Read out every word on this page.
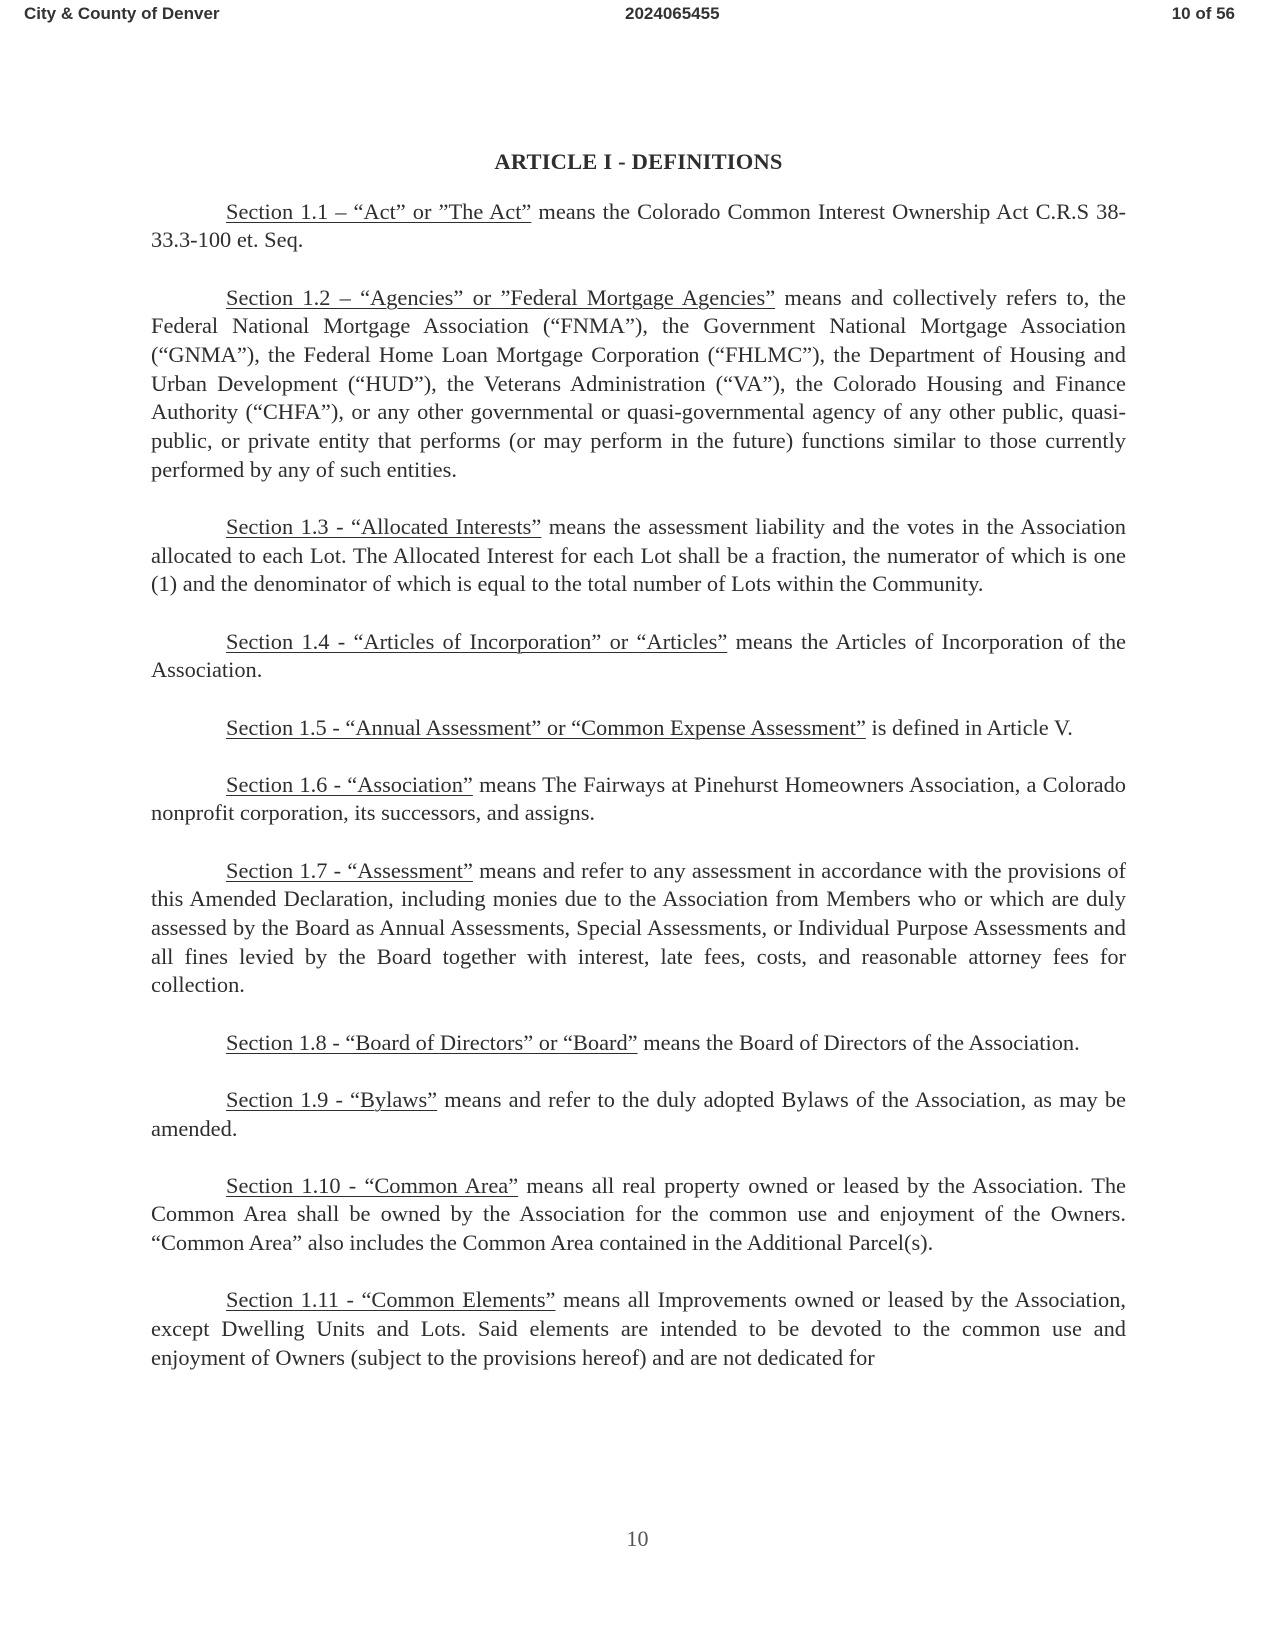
City & County of Denver	2024065455	10 of 56
ARTICLE I - DEFINITIONS

Section 1.1 – “Act” or ”The Act” means the Colorado Common Interest Ownership Act C.R.S 38-33.3-100 et. Seq.

Section 1.2 – “Agencies” or ”Federal Mortgage Agencies” means and collectively refers to, the Federal National Mortgage Association (“FNMA”), the Government National Mortgage Association (“GNMA”), the Federal Home Loan Mortgage Corporation (“FHLMC”), the Department of Housing and Urban Development (“HUD”), the Veterans Administration (“VA”), the Colorado Housing and Finance Authority (“CHFA”), or any other governmental or quasi-governmental agency of any other public, quasi-public, or private entity that performs (or may perform in the future) functions similar to those currently performed by any of such entities.

Section 1.3 - “Allocated Interests” means the assessment liability and the votes in the Association allocated to each Lot. The Allocated Interest for each Lot shall be a fraction, the numerator of which is one (1) and the denominator of which is equal to the total number of Lots within the Community.

Section 1.4 - “Articles of Incorporation” or “Articles” means the Articles of Incorporation of the Association.

Section 1.5 - “Annual Assessment” or “Common Expense Assessment” is defined in Article V.

Section 1.6 - “Association” means The Fairways at Pinehurst Homeowners Association, a Colorado nonprofit corporation, its successors, and assigns.

Section 1.7 - “Assessment” means and refer to any assessment in accordance with the provisions of this Amended Declaration, including monies due to the Association from Members who or which are duly assessed by the Board as Annual Assessments, Special Assessments, or Individual Purpose Assessments and all fines levied by the Board together with interest, late fees, costs, and reasonable attorney fees for collection.

Section 1.8 - “Board of Directors” or “Board” means the Board of Directors of the Association.

Section 1.9 - “Bylaws” means and refer to the duly adopted Bylaws of the Association, as may be amended.

Section 1.10 - “Common Area” means all real property owned or leased by the Association. The Common Area shall be owned by the Association for the common use and enjoyment of the Owners. “Common Area” also includes the Common Area contained in the Additional Parcel(s).

Section 1.11 - “Common Elements” means all Improvements owned or leased by the Association, except Dwelling Units and Lots. Said elements are intended to be devoted to the common use and enjoyment of Owners (subject to the provisions hereof) and are not dedicated for

10
